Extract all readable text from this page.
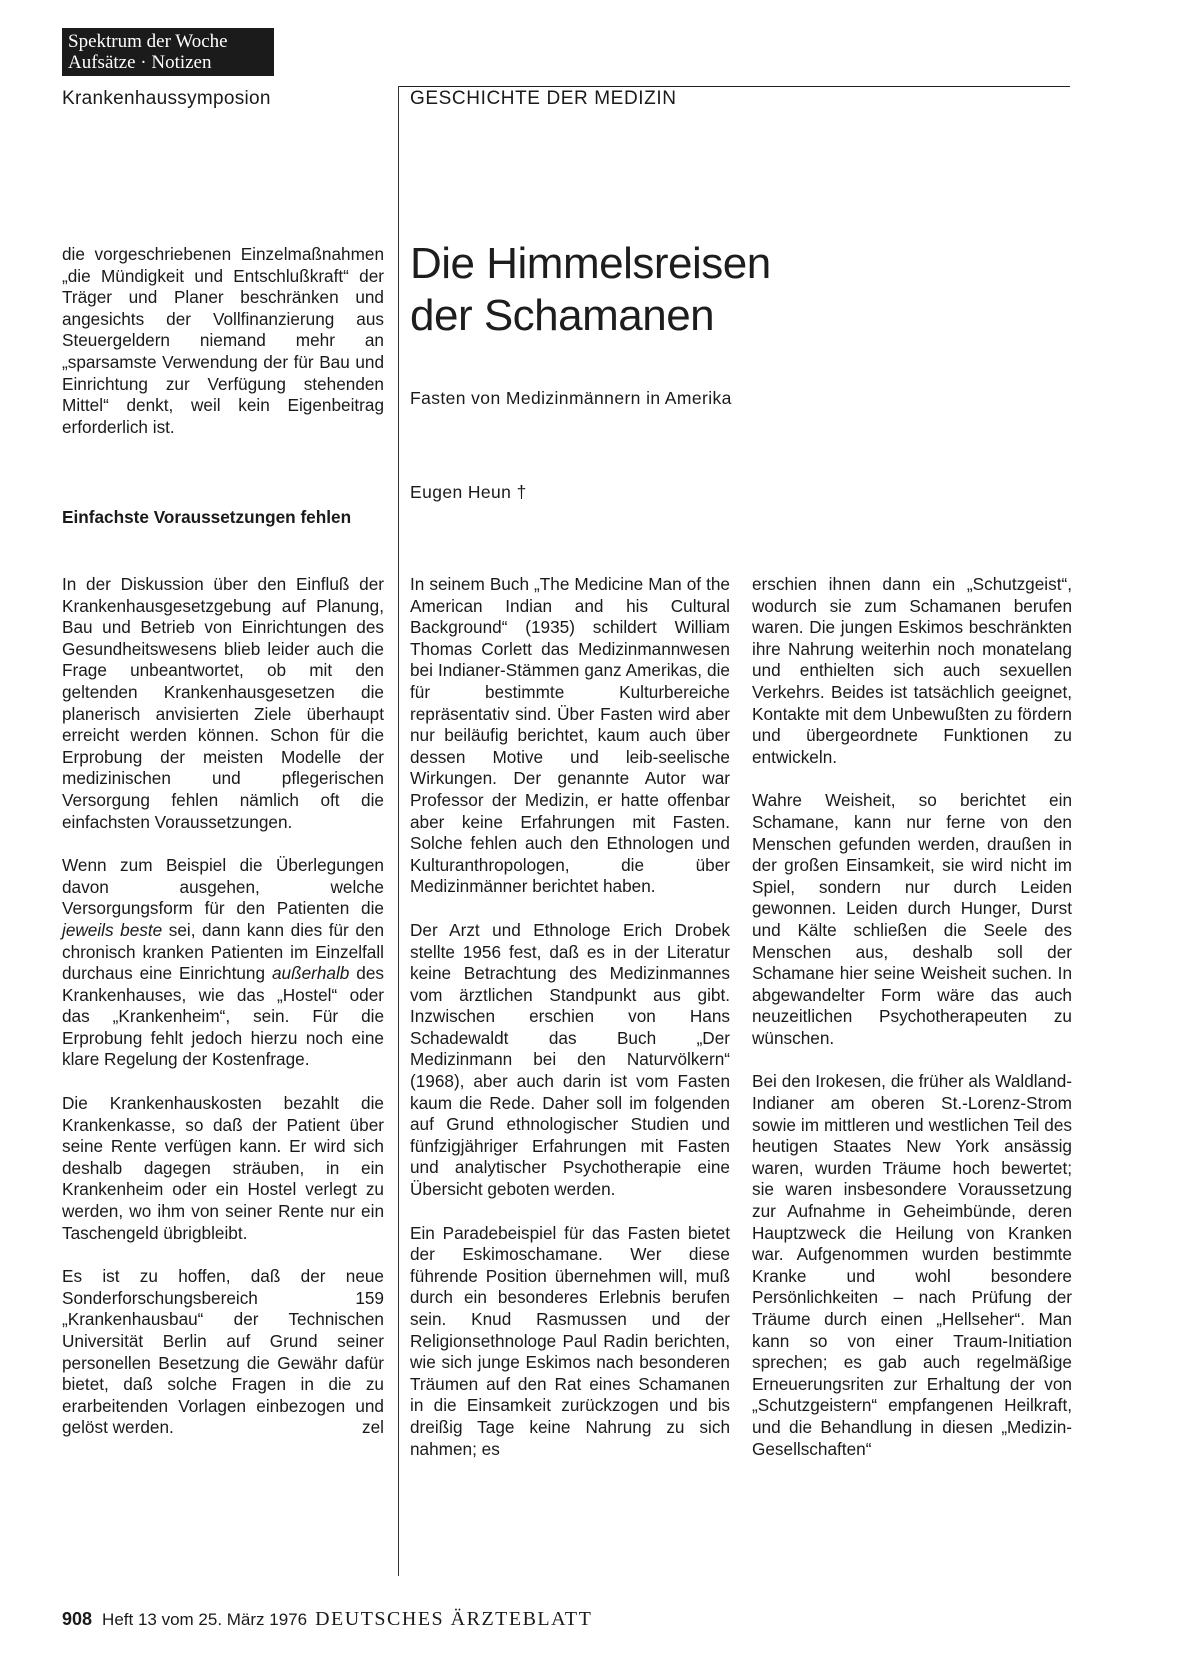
Spektrum der Woche
Aufsätze · Notizen
Krankenhaussymposion	GESCHICHTE DER MEDIZIN
Die Himmelsreisen
der Schamanen
Fasten von Medizinmännern in Amerika
Eugen Heun †

die vorgeschriebenen Einzelmaßnahmen „die Mündigkeit und Entschlußkraft“ der Träger und Planer beschränken und angesichts der Vollfinanzierung aus Steuergeldern niemand mehr an „sparsamste Verwendung der für Bau und Einrichtung zur Verfügung stehenden Mittel“ denkt, weil kein Eigenbeitrag erforderlich ist.

Einfachste Voraussetzungen fehlen

In der Diskussion über den Einfluß der Krankenhausgesetzgebung auf Planung, Bau und Betrieb von Einrichtungen des Gesundheitswesens blieb leider auch die Frage unbeantwortet, ob mit den geltenden Krankenhausgesetzen die planerisch anvisierten Ziele überhaupt erreicht werden können. Schon für die Erprobung der meisten Modelle der medizinischen und pflegerischen Versorgung fehlen nämlich oft die einfachsten Voraussetzungen.

Wenn zum Beispiel die Überlegungen davon ausgehen, welche Versorgungsform für den Patienten die jeweils beste sei, dann kann dies für den chronisch kranken Patienten im Einzelfall durchaus eine Einrichtung außerhalb des Krankenhauses, wie das „Hostel“ oder das „Krankenheim“, sein. Für die Erprobung fehlt jedoch hierzu noch eine klare Regelung der Kostenfrage.

Die Krankenhauskosten bezahlt die Krankenkasse, so daß der Patient über seine Rente verfügen kann. Er wird sich deshalb dagegen sträuben, in ein Krankenheim oder ein Hostel verlegt zu werden, wo ihm von seiner Rente nur ein Taschengeld übrigbleibt.

Es ist zu hoffen, daß der neue Sonderforschungsbereich 159 „Krankenhausbau“ der Technischen Universität Berlin auf Grund seiner personellen Besetzung die Gewähr dafür bietet, daß solche Fragen in die zu erarbeitenden Vorlagen einbezogen und gelöst werden.	zel

In seinem Buch „The Medicine Man of the American Indian and his Cultural Background“ (1935) schildert William Thomas Corlett das Medizinmannwesen bei Indianer-Stämmen ganz Amerikas, die für bestimmte Kulturbereiche repräsentativ sind. Über Fasten wird aber nur beiläufig berichtet, kaum auch über dessen Motive und leib-seelische Wirkungen. Der genannte Autor war Professor der Medizin, er hatte offenbar aber keine Erfahrungen mit Fasten. Solche fehlen auch den Ethnologen und Kulturanthropologen, die über Medizinmänner berichtet haben.

Der Arzt und Ethnologe Erich Drobek stellte 1956 fest, daß es in der Literatur keine Betrachtung des Medizinmannes vom ärztlichen Standpunkt aus gibt. Inzwischen erschien von Hans Schadewaldt das Buch „Der Medizinmann bei den Naturvölkern“ (1968), aber auch darin ist vom Fasten kaum die Rede. Daher soll im folgenden auf Grund ethnologischer Studien und fünfzigjähriger Erfahrungen mit Fasten und analytischer Psychotherapie eine Übersicht geboten werden.

Ein Paradebeispiel für das Fasten bietet der Eskimoschamane. Wer diese führende Position übernehmen will, muß durch ein besonderes Erlebnis berufen sein. Knud Rasmussen und der Religionsethnologe Paul Radin berichten, wie sich junge Eskimos nach besonderen Träumen auf den Rat eines Schamanen in die Einsamkeit zurückzogen und bis dreißig Tage keine Nahrung zu sich nahmen; es

erschien ihnen dann ein „Schutzgeist“, wodurch sie zum Schamanen berufen waren. Die jungen Eskimos beschränkten ihre Nahrung weiterhin noch monatelang und enthielten sich auch sexuellen Verkehrs. Beides ist tatsächlich geeignet, Kontakte mit dem Unbewußten zu fördern und übergeordnete Funktionen zu entwickeln.

Wahre Weisheit, so berichtet ein Schamane, kann nur ferne von den Menschen gefunden werden, draußen in der großen Einsamkeit, sie wird nicht im Spiel, sondern nur durch Leiden gewonnen. Leiden durch Hunger, Durst und Kälte schließen die Seele des Menschen aus, deshalb soll der Schamane hier seine Weisheit suchen. In abgewandelter Form wäre das auch neuzeitlichen Psychotherapeuten zu wünschen.

Bei den Irokesen, die früher als Waldland-Indianer am oberen St.-Lorenz-Strom sowie im mittleren und westlichen Teil des heutigen Staates New York ansässig waren, wurden Träume hoch bewertet; sie waren insbesondere Voraussetzung zur Aufnahme in Geheimbünde, deren Hauptzweck die Heilung von Kranken war. Aufgenommen wurden bestimmte Kranke und wohl besondere Persönlichkeiten – nach Prüfung der Träume durch einen „Hellseher“. Man kann so von einer Traum-Initiation sprechen; es gab auch regelmäßige Erneuerungsriten zur Erhaltung der von „Schutzgeistern“ empfangenen Heilkraft, und die Behandlung in diesen „Medizin-Gesellschaften“

908 Heft 13 vom 25. März 1976 DEUTSCHES ÄRZTEBLATT
